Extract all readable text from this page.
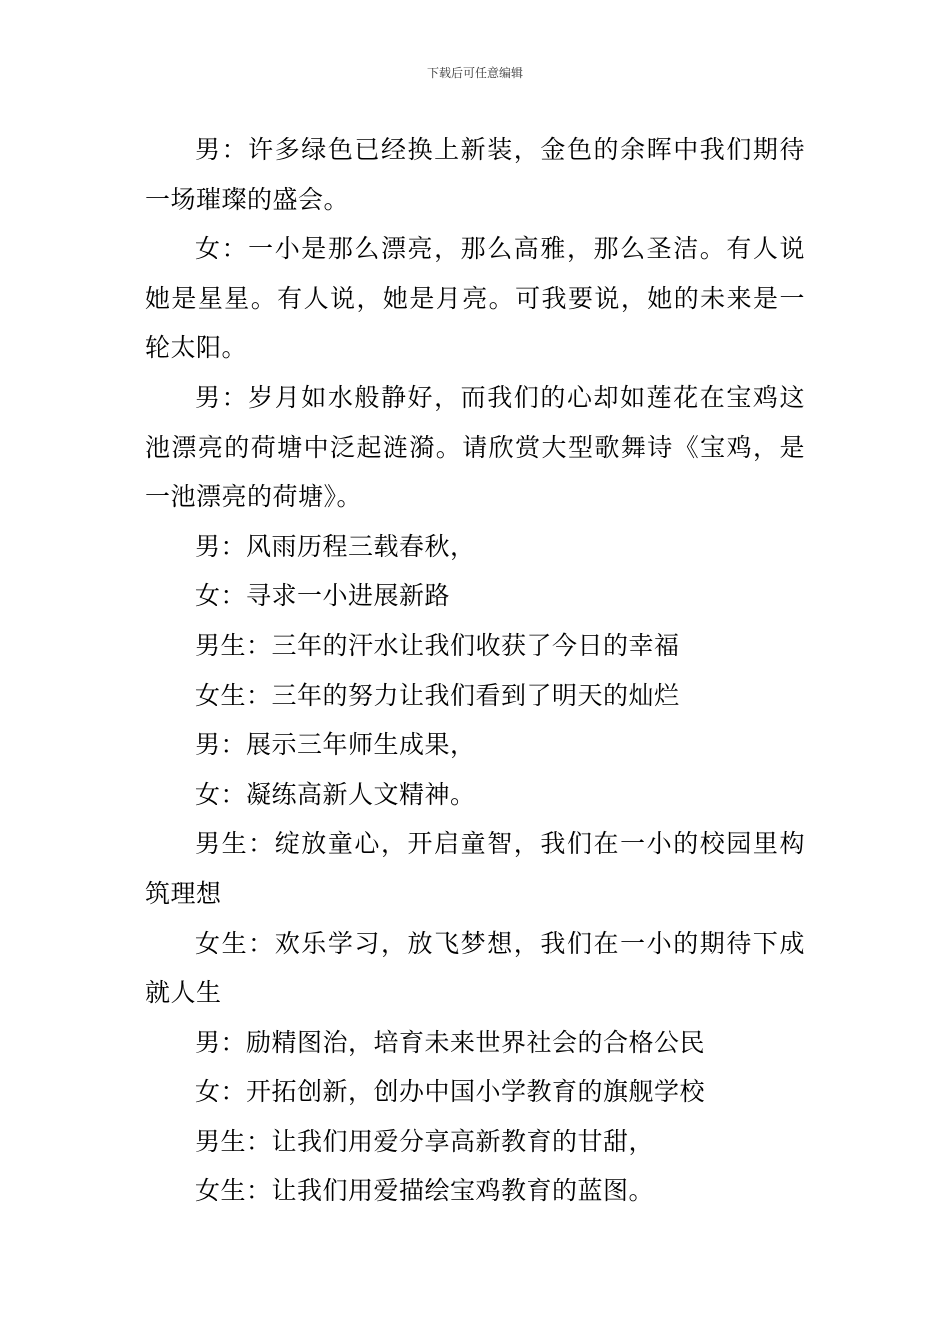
下载后可任意编辑

男：许多绿色已经换上新装，金色的余晖中我们期待一场璀璨的盛会。

女：一小是那么漂亮，那么高雅，那么圣洁。有人说她是星星。有人说，她是月亮。可我要说，她的未来是一轮太阳。

男：岁月如水般静好，而我们的心却如莲花在宝鸡这池漂亮的荷塘中泛起涟漪。请欣赏大型歌舞诗《宝鸡，是一池漂亮的荷塘》。

男：风雨历程三载春秋，

女：寻求一小进展新路

男生：三年的汗水让我们收获了今日的幸福

女生：三年的努力让我们看到了明天的灿烂

男：展示三年师生成果，

女：凝练高新人文精神。

男生：绽放童心，开启童智，我们在一小的校园里构筑理想

女生：欢乐学习，放飞梦想，我们在一小的期待下成就人生

男：励精图治，培育未来世界社会的合格公民

女：开拓创新，创办中国小学教育的旗舰学校

男生：让我们用爱分享高新教育的甘甜，

女生：让我们用爱描绘宝鸡教育的蓝图。
